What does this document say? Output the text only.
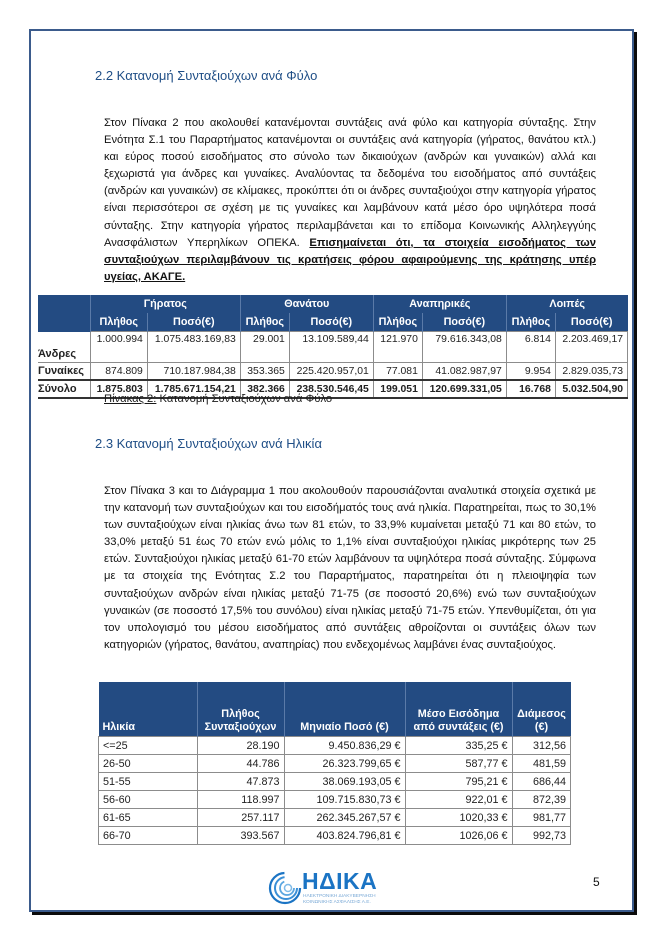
2.2 Κατανομή Συνταξιούχων ανά Φύλο
Στον Πίνακα 2 που ακολουθεί κατανέμονται συντάξεις ανά φύλο και κατηγορία σύνταξης. Στην Ενότητα Σ.1 του Παραρτήματος κατανέμονται οι συντάξεις ανά κατηγορία (γήρατος, θανάτου κτλ.) και εύρος ποσού εισοδήματος στο σύνολο των δικαιούχων (ανδρών και γυναικών) αλλά και ξεχωριστά για άνδρες και γυναίκες. Αναλύοντας τα δεδομένα του εισοδήματος από συντάξεις (ανδρών και γυναικών) σε κλίμακες, προκύπτει ότι οι άνδρες συνταξιούχοι στην κατηγορία γήρατος είναι περισσότεροι σε σχέση με τις γυναίκες και λαμβάνουν κατά μέσο όρο υψηλότερα ποσά σύνταξης. Στην κατηγορία γήρατος περιλαμβάνεται και το επίδομα Κοινωνικής Αλληλεγγύης Ανασφάλιστων Υπερηλίκων ΟΠΕΚΑ. Επισημαίνεται ότι, τα στοιχεία εισοδήματος των συνταξιούχων περιλαμβάνουν τις κρατήσεις φόρου αφαιρούμενης της κράτησης υπέρ υγείας, ΑΚΑΓΕ.
	Γήρατος		Θανάτου		Αναπηρικές		Λοιπές	
	Πλήθος	Ποσό(€)	Πλήθος	Ποσό(€)	Πλήθος	Ποσό(€)	Πλήθος	Ποσό(€)
Άνδρες	1.000.994	1.075.483.169,83	29.001	13.109.589,44	121.970	79.616.343,08	6.814	2.203.469,17
Γυναίκες	874.809	710.187.984,38	353.365	225.420.957,01	77.081	41.082.987,97	9.954	2.829.035,73
Σύνολο	1.875.803	1.785.671.154,21	382.366	238.530.546,45	199.051	120.699.331,05	16.768	5.032.504,90
Πίνακας 2: Κατανομή Συνταξιούχων ανά Φύλο
2.3 Κατανομή Συνταξιούχων ανά Ηλικία
Στον Πίνακα 3 και το Διάγραμμα 1 που ακολουθούν παρουσιάζονται αναλυτικά στοιχεία σχετικά με την κατανομή των συνταξιούχων και του εισοδήματός τους ανά ηλικία. Παρατηρείται, πως το 30,1% των συνταξιούχων είναι ηλικίας άνω των 81 ετών, το 33,9% κυμαίνεται μεταξύ 71 και 80 ετών, το 33,0% μεταξύ 51 έως 70 ετών ενώ μόλις το 1,1% είναι συνταξιούχοι ηλικίας μικρότερης των 25 ετών. Συνταξιούχοι ηλικίας μεταξύ 61-70 ετών λαμβάνουν τα υψηλότερα ποσά σύνταξης. Σύμφωνα με τα στοιχεία της Ενότητας Σ.2 του Παραρτήματος, παρατηρείται ότι η πλειοψηφία των συνταξιούχων ανδρών είναι ηλικίας μεταξύ 71-75 (σε ποσοστό 20,6%) ενώ των συνταξιούχων γυναικών (σε ποσοστό 17,5% του συνόλου) είναι ηλικίας μεταξύ 71-75 ετών. Υπενθυμίζεται, ότι για τον υπολογισμό του μέσου εισοδήματος από συντάξεις αθροίζονται οι συντάξεις όλων των κατηγοριών (γήρατος, θανάτου, αναπηρίας) που ενδεχομένως λαμβάνει ένας συνταξιούχος.
Ηλικία	Πλήθος Συνταξιούχων	Μηνιαίο Ποσό (€)	Μέσο Εισόδημα από συντάξεις (€)	Διάμεσος (€)
<=25	28.190	9.450.836,29 €	335,25 €	312,56
26-50	44.786	26.323.799,65 €	587,77 €	481,59
51-55	47.873	38.069.193,05 €	795,21 €	686,44
56-60	118.997	109.715.830,73 €	922,01 €	872,39
61-65	257.117	262.345.267,57 €	1020,33 €	981,77
66-70	393.567	403.824.796,81 €	1026,06 €	992,73
ΗΔΙΚΑ
ΗΛΕΚΤΡΟΝΙΚΗ ΔΙΑΚΥΒΕΡΝΗΣΗ ΚΟΙΝΩΝΙΚΗΣ ΑΣΦΑΛΙΣΗΣ Α.Ε.
5
